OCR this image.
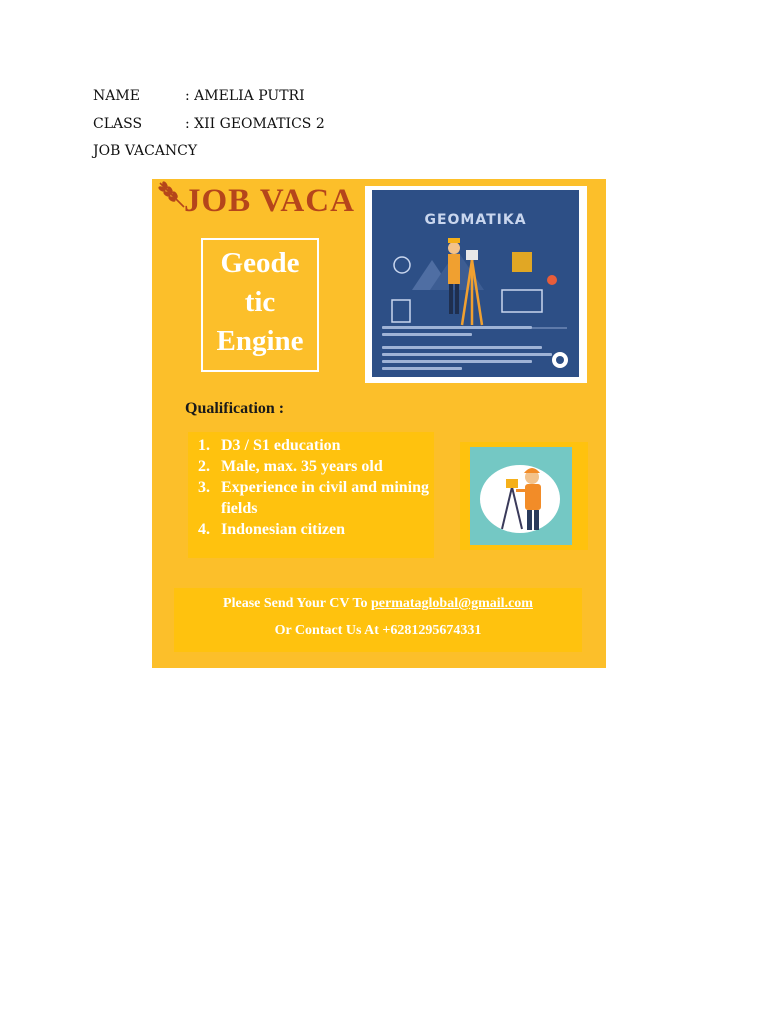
NAME	: AMELIA PUTRI
CLASS	: XII GEOMATICS 2
JOB VACANCY
JOB VACA
Geode
tic
Engine
GEOMATIKA
Qualification :
1. D3 / S1 education
2. Male, max. 35 years old
3. Experience in civil and mining fields
4. Indonesian citizen
Please Send Your CV To permataglobal@gmail.com
Or Contact Us At +6281295674331
